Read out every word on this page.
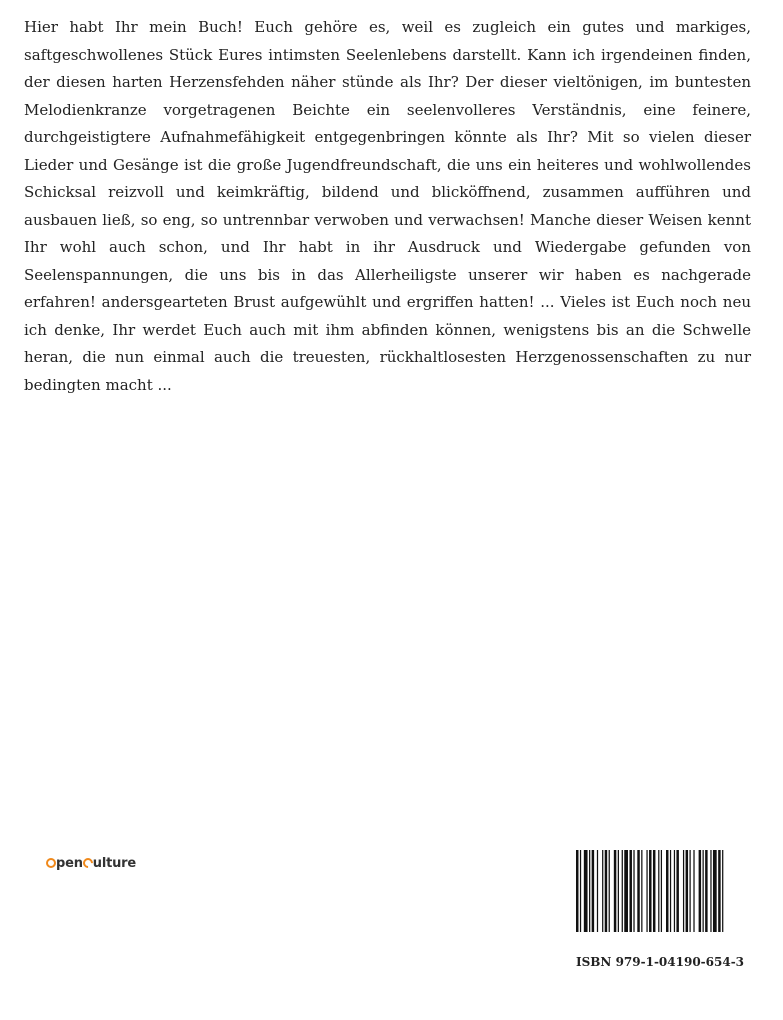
Hier habt Ihr mein Buch! Euch gehöre es, weil es zugleich ein gutes und markiges, saftgeschwollenes Stück Eures intimsten Seelenlebens darstellt. Kann ich irgendeinen finden, der diesen harten Herzensfehden näher stünde als Ihr? Der dieser vieltönigen, im buntesten Melodienkranze vorgetragenen Beichte ein seelenvolleres Verständnis, eine feinere, durchgeistigtere Aufnahmefähigkeit entgegenbringen könnte als Ihr? Mit so vielen dieser Lieder und Gesänge ist die große Jugendfreundschaft, die uns ein heiteres und wohlwollendes Schicksal reizvoll und keimkräftig, bildend und blicköffnend, zusammen aufführen und ausbauen ließ, so eng, so untrennbar verwoben und verwachsen! Manche dieser Weisen kennt Ihr wohl auch schon, und Ihr habt in ihr Ausdruck und Wiedergabe gefunden von Seelenspannungen, die uns bis in das Allerheiligste unserer wir haben es nachgerade erfahren! andersgearteten Brust aufgewühlt und ergriffen hatten! ... Vieles ist Euch noch neu ich denke, Ihr werdet Euch auch mit ihm abfinden können, wenigstens bis an die Schwelle heran, die nun einmal auch die treuesten, rückhaltlosesten Herzgenossenschaften zu nur bedingten macht ...

pen ulture
ISBN 979-1-04190-654-3
